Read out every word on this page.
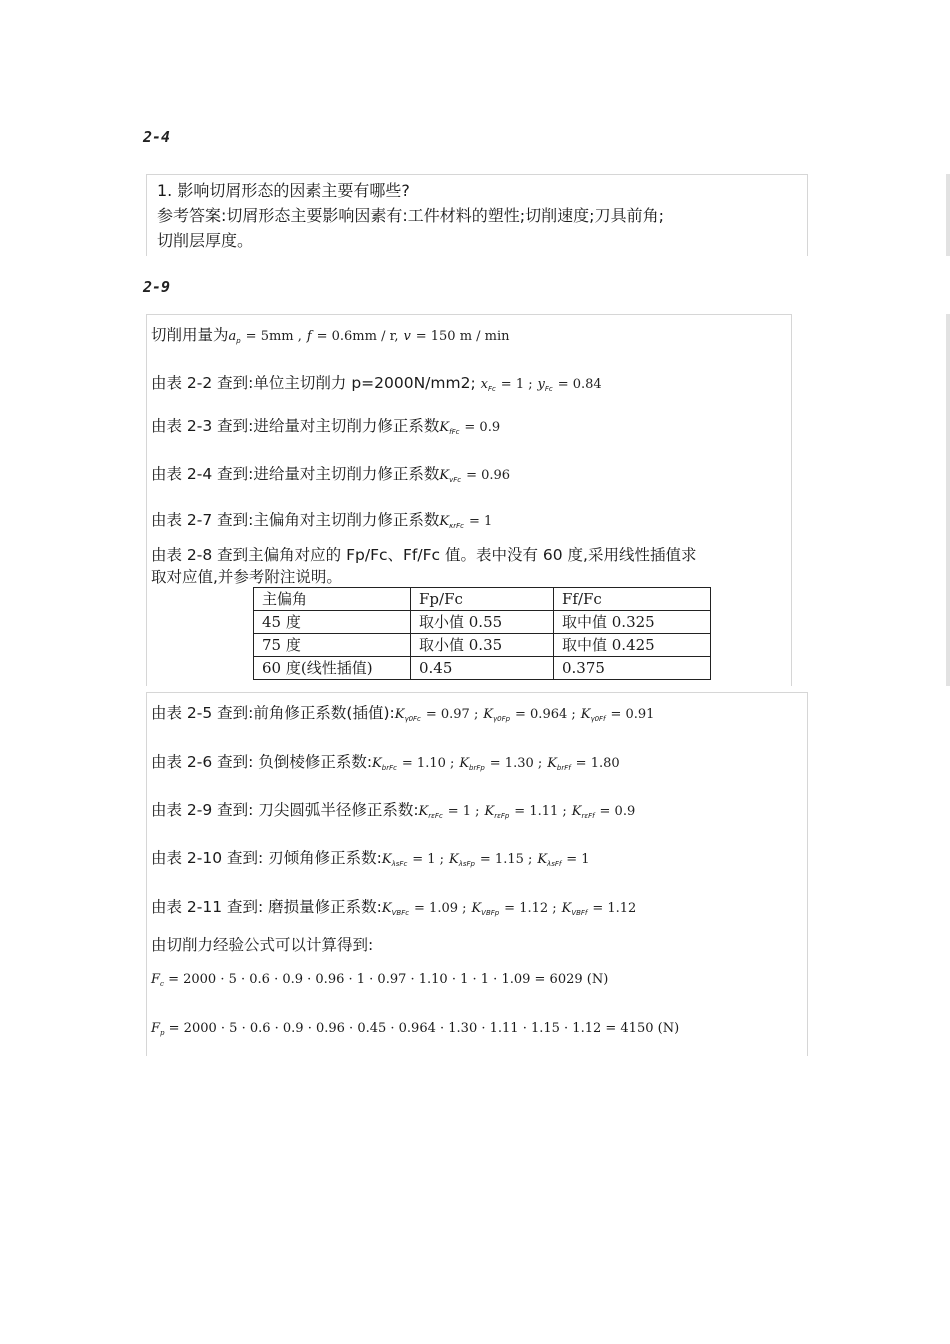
2-4
1. 影响切屑形态的因素主要有哪些?
参考答案:切屑形态主要影响因素有:工件材料的塑性;切削速度;刀具前角;
切削层厚度。
2-9
切削用量为$a_p = 5mm$ , f = 0.6mm / r, v = 150 m / min
由表 2-2 查到:单位主切削力 p=2000N/mm2; $x_{Fc} = 1$ ; $y_{Fc} = 0.84$
由表 2-3 查到:进给量对主切削力修正系数$K_{fFc} = 0.9$
由表 2-4 查到:进给量对主切削力修正系数$K_{vFc} = 0.96$
由表 2-7 查到:主偏角对主切削力修正系数$K_{\kappa rFc} = 1$
由表 2-8 查到主偏角对应的 Fp/Fc、Ff/Fc 值。表中没有 60 度,采用线性插值求
取对应值,并参考附注说明。
主偏角	Fp/Fc	Ff/Fc
45 度	取小值 0.55	取中值 0.325
75 度	取小值 0.35	取中值 0.425
60 度(线性插值)	0.45	0.375
由表 2-5 查到:前角修正系数(插值)$:K_{\gamma 0Fc} = 0.97$ ; $K_{\gamma 0Fp} = 0.964$ ; $K_{\gamma 0Ff} = 0.91$
由表 2-6 查到: 负倒棱修正系数$:K_{brFc} = 1.10$ ; $K_{brFp} = 1.30$ ; $K_{brFf} = 1.80$
由表 2-9 查到: 刀尖圆弧半径修正系数$:K_{r\varepsilon Fc} = 1$ ; $K_{r\varepsilon Fp} = 1.11$ ; $K_{r\varepsilon Ff} = 0.9$
由表 2-10 查到: 刃倾角修正系数$:K_{\lambda sFc} = 1$ ; $K_{\lambda sFp} = 1.15$ ; $K_{\lambda sFf} = 1$
由表 2-11 查到: 磨损量修正系数$:K_{VBFc} = 1.09$ ; $K_{VBFp} = 1.12$ ; $K_{VBFf} = 1.12$
由切削力经验公式可以计算得到:
$F_c = 2000 \cdot 5 \cdot 0.6 \cdot 0.9 \cdot 0.96 \cdot 1 \cdot 0.97 \cdot 1.10 \cdot 1 \cdot 1 \cdot 1.09 = 6029$ (N)
$F_p = 2000 \cdot 5 \cdot 0.6 \cdot 0.9 \cdot 0.96 \cdot 0.45 \cdot 0.964 \cdot 1.30 \cdot 1.11 \cdot 1.15 \cdot 1.12 = 4150$ (N)
